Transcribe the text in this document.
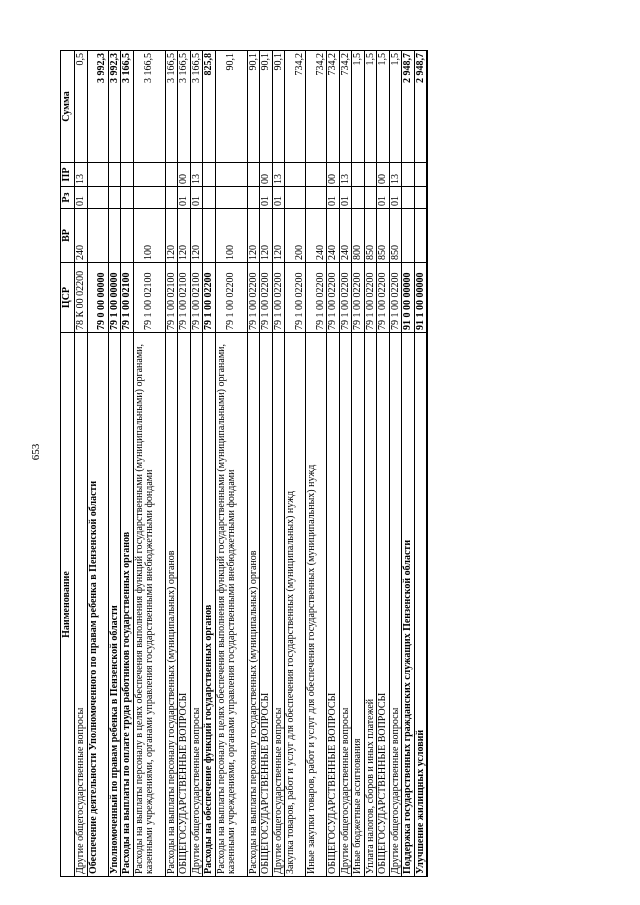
653
Наименование	ЦСР	ВР	Рз	ПР	Сумма
Другие общегосударственные вопросы	78 К 00 02200	240	01	13	0,5
Обеспечение деятельности Уполномоченного по правам ребенка в Пензенской области	79 0 00 00000				3 992,3
Уполномоченный по правам ребенка в Пензенской области	79 1 00 00000				3 992,3
Расходы на выплаты по оплате труда работников государственных органов	79 1 00 02100				3 166,5
Расходы на выплаты персоналу в целях обеспечения выполнения функций государственными (муниципальными) органами, казенными учреждениями, органами управления государственными внебюджетными фондами	79 1 00 02100	100			3 166,5
Расходы на выплаты персоналу государственных (муниципальных) органов	79 1 00 02100	120			3 166,5
ОБЩЕГОСУДАРСТВЕННЫЕ ВОПРОСЫ	79 1 00 02100	120	01	00	3 166,5
Другие общегосударственные вопросы	79 1 00 02100	120	01	13	3 166,5
Расходы на обеспечение функций государственных органов	79 1 00 02200				825,8
Расходы на выплаты персоналу в целях обеспечения выполнения функций государственными (муниципальными) органами, казенными учреждениями, органами управления государственными внебюджетными фондами	79 1 00 02200	100			90,1
Расходы на выплаты персоналу государственных (муниципальных) органов	79 1 00 02200	120			90,1
ОБЩЕГОСУДАРСТВЕННЫЕ ВОПРОСЫ	79 1 00 02200	120	01	00	90,1
Другие общегосударственные вопросы	79 1 00 02200	120	01	13	90,1
Закупка товаров, работ и услуг для обеспечения государственных (муниципальных) нужд	79 1 00 02200	200			734,2
Иные закупки товаров, работ и услуг для обеспечения государственных (муниципальных) нужд	79 1 00 02200	240			734,2
ОБЩЕГОСУДАРСТВЕННЫЕ ВОПРОСЫ	79 1 00 02200	240	01	00	734,2
Другие общегосударственные вопросы	79 1 00 02200	240	01	13	734,2
Иные бюджетные ассигнования	79 1 00 02200	800			1,5
Уплата налогов, сборов и иных платежей	79 1 00 02200	850			1,5
ОБЩЕГОСУДАРСТВЕННЫЕ ВОПРОСЫ	79 1 00 02200	850	01	00	1,5
Другие общегосударственные вопросы	79 1 00 02200	850	01	13	1,5
Поддержка государственных гражданских служащих Пензенской области	91 0 00 00000				2 948,7
Улучшение жилищных условий	91 1 00 00000				2 948,7
